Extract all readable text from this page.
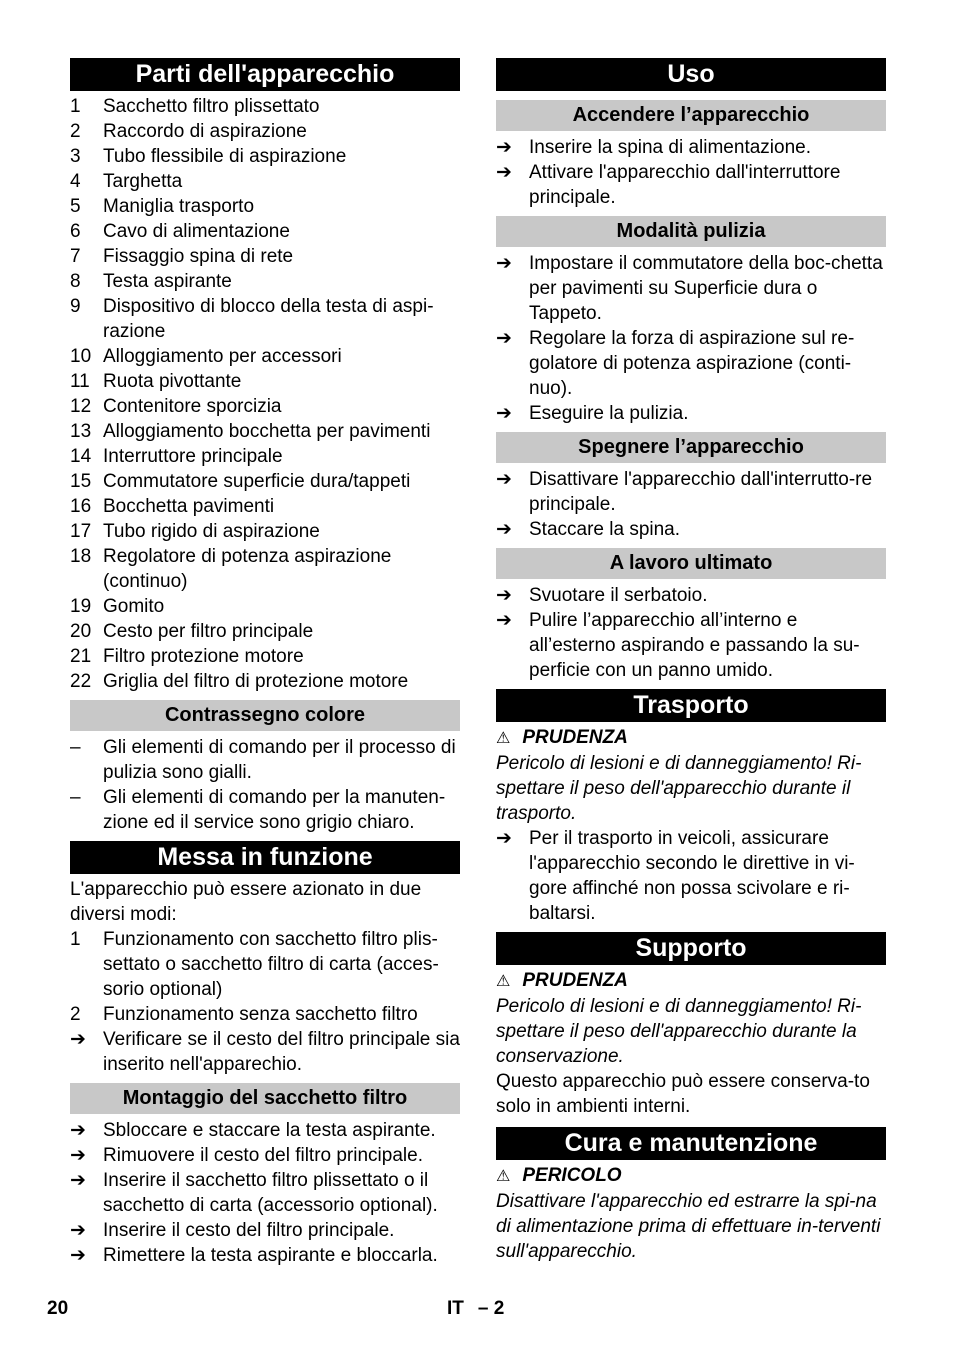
Parti dell'apparecchio
1	Sacchetto filtro plissettato
2	Raccordo di aspirazione
3	Tubo flessibile di aspirazione
4	Targhetta
5	Maniglia trasporto
6	Cavo di alimentazione
7	Fissaggio spina di rete
8	Testa aspirante
9	Dispositivo di blocco della testa di aspi-razione
10 Alloggiamento per accessori
11 Ruota pivottante
12 Contenitore sporcizia
13 Alloggiamento bocchetta per pavimenti
14 Interruttore principale
15 Commutatore superficie dura/tappeti
16 Bocchetta pavimenti
17 Tubo rigido di aspirazione
18 Regolatore di potenza aspirazione (continuo)
19 Gomito
20 Cesto per filtro principale
21 Filtro protezione motore
22 Griglia del filtro di protezione motore
Contrassegno colore
–	Gli elementi di comando per il processo di pulizia sono gialli.
–	Gli elementi di comando per la manuten-zione ed il service sono grigio chiaro.
Messa in funzione
L'apparecchio può essere azionato in due diversi modi:
1	Funzionamento con sacchetto filtro plis-settato o sacchetto filtro di carta (acces-sorio optional)
2	Funzionamento senza sacchetto filtro
➔ Verificare se il cesto del filtro principale sia inserito nell'apparechio.
Montaggio del sacchetto filtro
➔ Sbloccare e staccare la testa aspirante.
➔ Rimuovere il cesto del filtro principale.
➔ Inserire il sacchetto filtro plissettato o il sacchetto di carta (accessorio optional).
➔ Inserire il cesto del filtro principale.
➔ Rimettere la testa aspirante e bloccarla.
Uso
Accendere l’apparecchio
➔ Inserire la spina di alimentazione.
➔ Attivare l'apparecchio dall'interruttore principale.
Modalità pulizia
➔ Impostare il commutatore della boc-chetta per pavimenti su Superficie dura o Tappeto.
➔ Regolare la forza di aspirazione sul re-golatore di potenza aspirazione (conti-nuo).
➔ Eseguire la pulizia.
Spegnere l’apparecchio
➔ Disattivare l'apparecchio dall'interrutto-re principale.
➔ Staccare la spina.
A lavoro ultimato
➔ Svuotare il serbatoio.
➔ Pulire l’apparecchio all’interno e all’esterno aspirando e passando la su-perficie con un panno umido.
Trasporto
⚠ PRUDENZA
Pericolo di lesioni e di danneggiamento! Ri-spettare il peso dell'apparecchio durante il trasporto.
➔ Per il trasporto in veicoli, assicurare l'apparecchio secondo le direttive in vi-gore affinché non possa scivolare e ri-baltarsi.
Supporto
⚠ PRUDENZA
Pericolo di lesioni e di danneggiamento! Ri-spettare il peso dell'apparecchio durante la conservazione.
Questo apparecchio può essere conserva-to solo in ambienti interni.
Cura e manutenzione
⚠ PERICOLO
Disattivare l'apparecchio ed estrarre la spi-na di alimentazione prima di effettuare in-terventi sull'apparecchio.
20	IT – 2
